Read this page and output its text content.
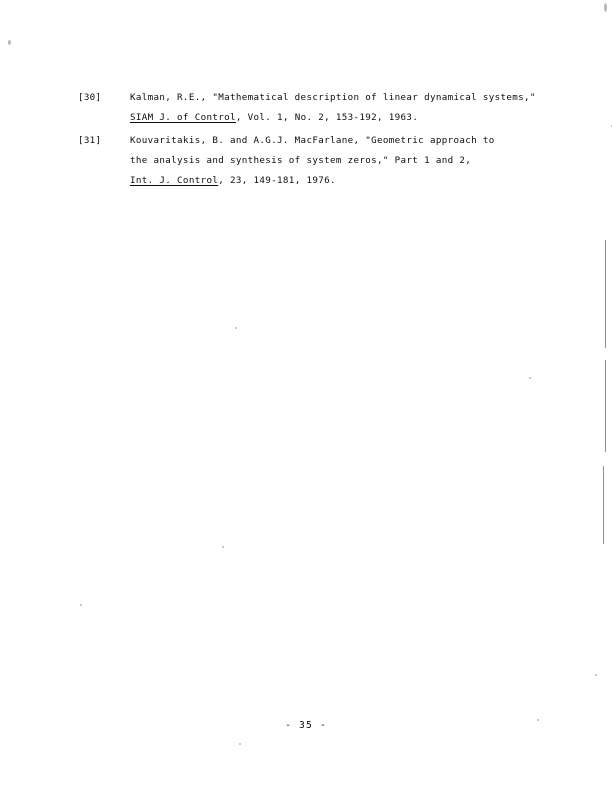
[30]	Kalman, R.E., "Mathematical description of linear dynamical systems,"
SIAM J. of Control, Vol. 1, No. 2, 153-192, 1963.
[31]	Kouvaritakis, B. and A.G.J. MacFarlane, "Geometric approach to
the analysis and synthesis of system zeros," Part 1 and 2,
Int. J. Control, 23, 149-181, 1976.
- 35 -
